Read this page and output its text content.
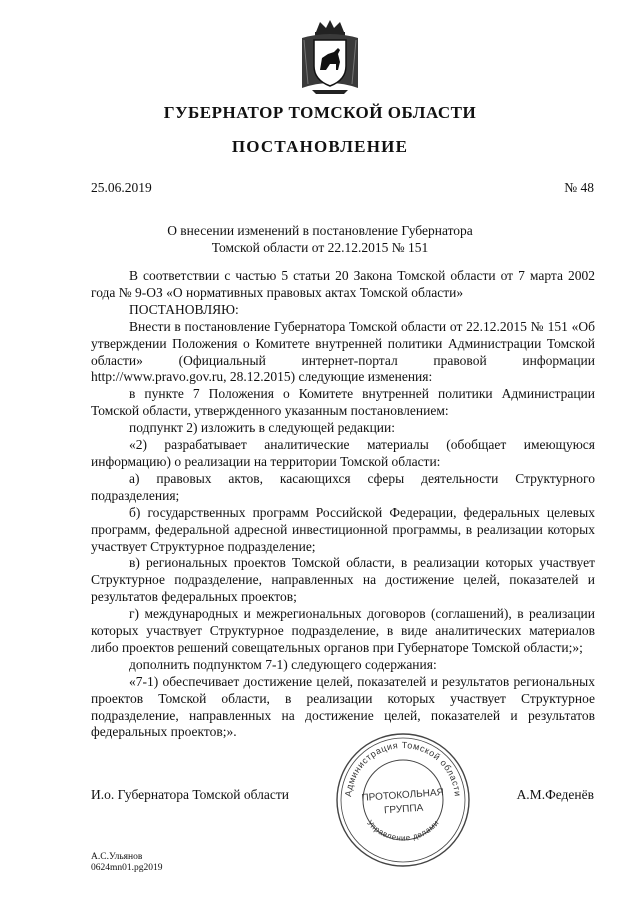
ГУБЕРНАТОР ТОМСКОЙ ОБЛАСТИ
ПОСТАНОВЛЕНИЕ
25.06.2019	№ 48
О внесении изменений в постановление Губернатора
Томской области от 22.12.2015 № 151

В соответствии с частью 5 статьи 20 Закона Томской области от 7 марта 2002 года № 9-ОЗ «О нормативных правовых актах Томской области»

ПОСТАНОВЛЯЮ:

Внести в постановление Губернатора Томской области от 22.12.2015 № 151 «Об утверждении Положения о Комитете внутренней политики Администрации Томской области» (Официальный интернет-портал правовой информации http://www.pravo.gov.ru, 28.12.2015) следующие изменения:

в пункте 7 Положения о Комитете внутренней политики Администрации Томской области, утвержденного указанным постановлением:

подпункт 2) изложить в следующей редакции:

«2) разрабатывает аналитические материалы (обобщает имеющуюся информацию) о реализации на территории Томской области:

а) правовых актов, касающихся сферы деятельности Структурного подразделения;

б) государственных программ Российской Федерации, федеральных целевых программ, федеральной адресной инвестиционной программы, в реализации которых участвует Структурное подразделение;

в) региональных проектов Томской области, в реализации которых участвует Структурное подразделение, направленных на достижение целей, показателей и результатов федеральных проектов;

г) международных и межрегиональных договоров (соглашений), в реализации которых участвует Структурное подразделение, в виде аналитических материалов либо проектов решений совещательных органов при Губернаторе Томской области;»;

дополнить подпунктом 7-1) следующего содержания:

«7-1) обеспечивает достижение целей, показателей и результатов региональных проектов Томской области, в реализации которых участвует Структурное подразделение, направленных на достижение целей, показателей и результатов федеральных проектов;».

И.о. Губернатора Томской области	А.М.Феденёв
Администрация Томской области
Управление делами
ПРОТОКОЛЬНАЯ
ГРУППА
А.С.Ульянов
0624mn01.pg2019
